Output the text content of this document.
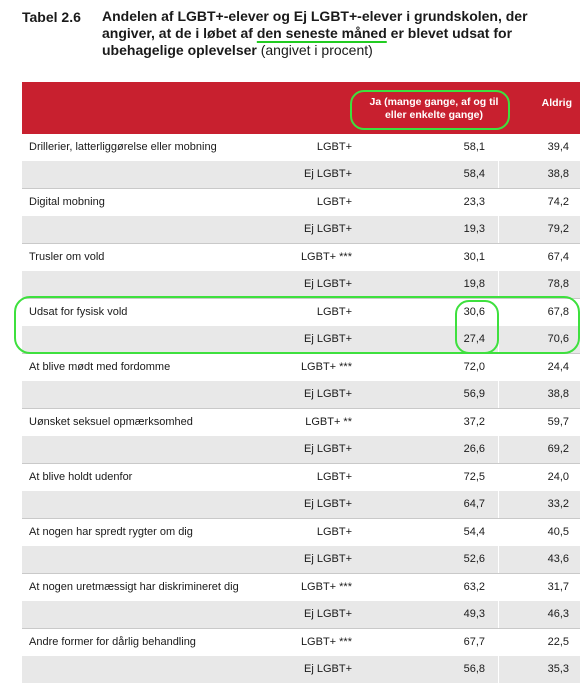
Tabel 2.6 Andelen af LGBT+-elever og Ej LGBT+-elever i grundskolen, der angiver, at de i løbet af den seneste måned er blevet udsat for ubehagelige oplevelser (angivet i procent)
Ja (mange gange, af og til eller enkelte gange)
Aldrig
Drillerier, latterliggørelse eller mobning	LGBT+	58,1	39,4
Ej LGBT+	58,4	38,8
Digital mobning	LGBT+	23,3	74,2
Ej LGBT+	19,3	79,2
Trusler om vold	LGBT+ ***	30,1	67,4
Ej LGBT+	19,8	78,8
Udsat for fysisk vold	LGBT+	30,6	67,8
Ej LGBT+	27,4	70,6
At blive mødt med fordomme	LGBT+ ***	72,0	24,4
Ej LGBT+	56,9	38,8
Uønsket seksuel opmærksomhed	LGBT+ **	37,2	59,7
Ej LGBT+	26,6	69,2
At blive holdt udenfor	LGBT+	72,5	24,0
Ej LGBT+	64,7	33,2
At nogen har spredt rygter om dig	LGBT+	54,4	40,5
Ej LGBT+	52,6	43,6
At nogen uretmæssigt har diskrimineret dig	LGBT+ ***	63,2	31,7
Ej LGBT+	49,3	46,3
Andre former for dårlig behandling	LGBT+ ***	67,7	22,5
Ej LGBT+	56,8	35,3
